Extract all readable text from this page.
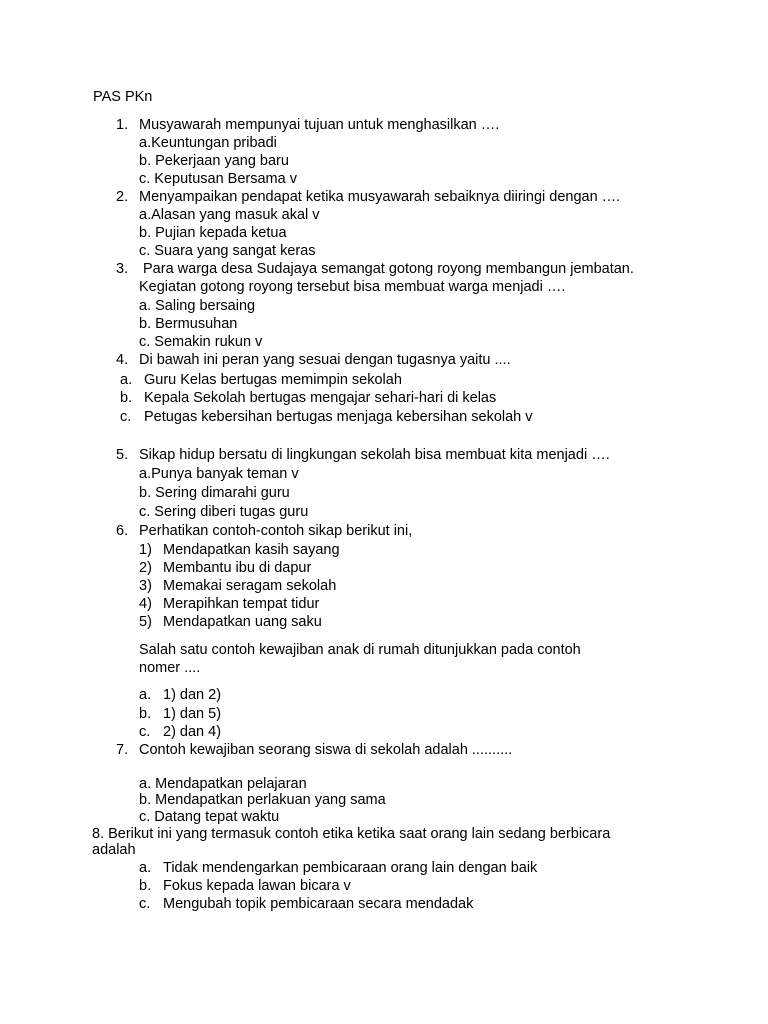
PAS PKn
1. Musyawarah mempunyai tujuan untuk menghasilkan ….
a.Keuntungan pribadi
b. Pekerjaan yang baru
c. Keputusan Bersama v
2. Menyampaikan pendapat ketika musyawarah sebaiknya diiringi dengan ….
a.Alasan yang masuk akal v
b. Pujian kepada ketua
c. Suara yang sangat keras
3. Para warga desa Sudajaya semangat gotong royong membangun jembatan.
Kegiatan gotong royong tersebut bisa membuat warga menjadi ….
a. Saling bersaing
b. Bermusuhan
c. Semakin rukun v
4. Di bawah ini peran yang sesuai dengan tugasnya yaitu ....
a. Guru Kelas bertugas memimpin sekolah
b. Kepala Sekolah bertugas mengajar sehari-hari di kelas
c. Petugas kebersihan bertugas menjaga kebersihan sekolah v
5. Sikap hidup bersatu di lingkungan sekolah bisa membuat kita menjadi ….
a.Punya banyak teman v
b. Sering dimarahi guru
c. Sering diberi tugas guru
6. Perhatikan contoh-contoh sikap berikut ini,
1) Mendapatkan kasih sayang
2) Membantu ibu di dapur
3) Memakai seragam sekolah
4) Merapihkan tempat tidur
5) Mendapatkan uang saku
Salah satu contoh kewajiban anak di rumah ditunjukkan pada contoh
nomer ....
a. 1) dan 2)
b. 1) dan 5)
c. 2) dan 4)
7. Contoh kewajiban seorang siswa di sekolah adalah ..........
a. Mendapatkan pelajaran
b. Mendapatkan perlakuan yang sama
c. Datang tepat waktu
8. Berikut ini yang termasuk contoh etika ketika saat orang lain sedang berbicara
adalah
a. Tidak mendengarkan pembicaraan orang lain dengan baik
b. Fokus kepada lawan bicara v
c. Mengubah topik pembicaraan secara mendadak
